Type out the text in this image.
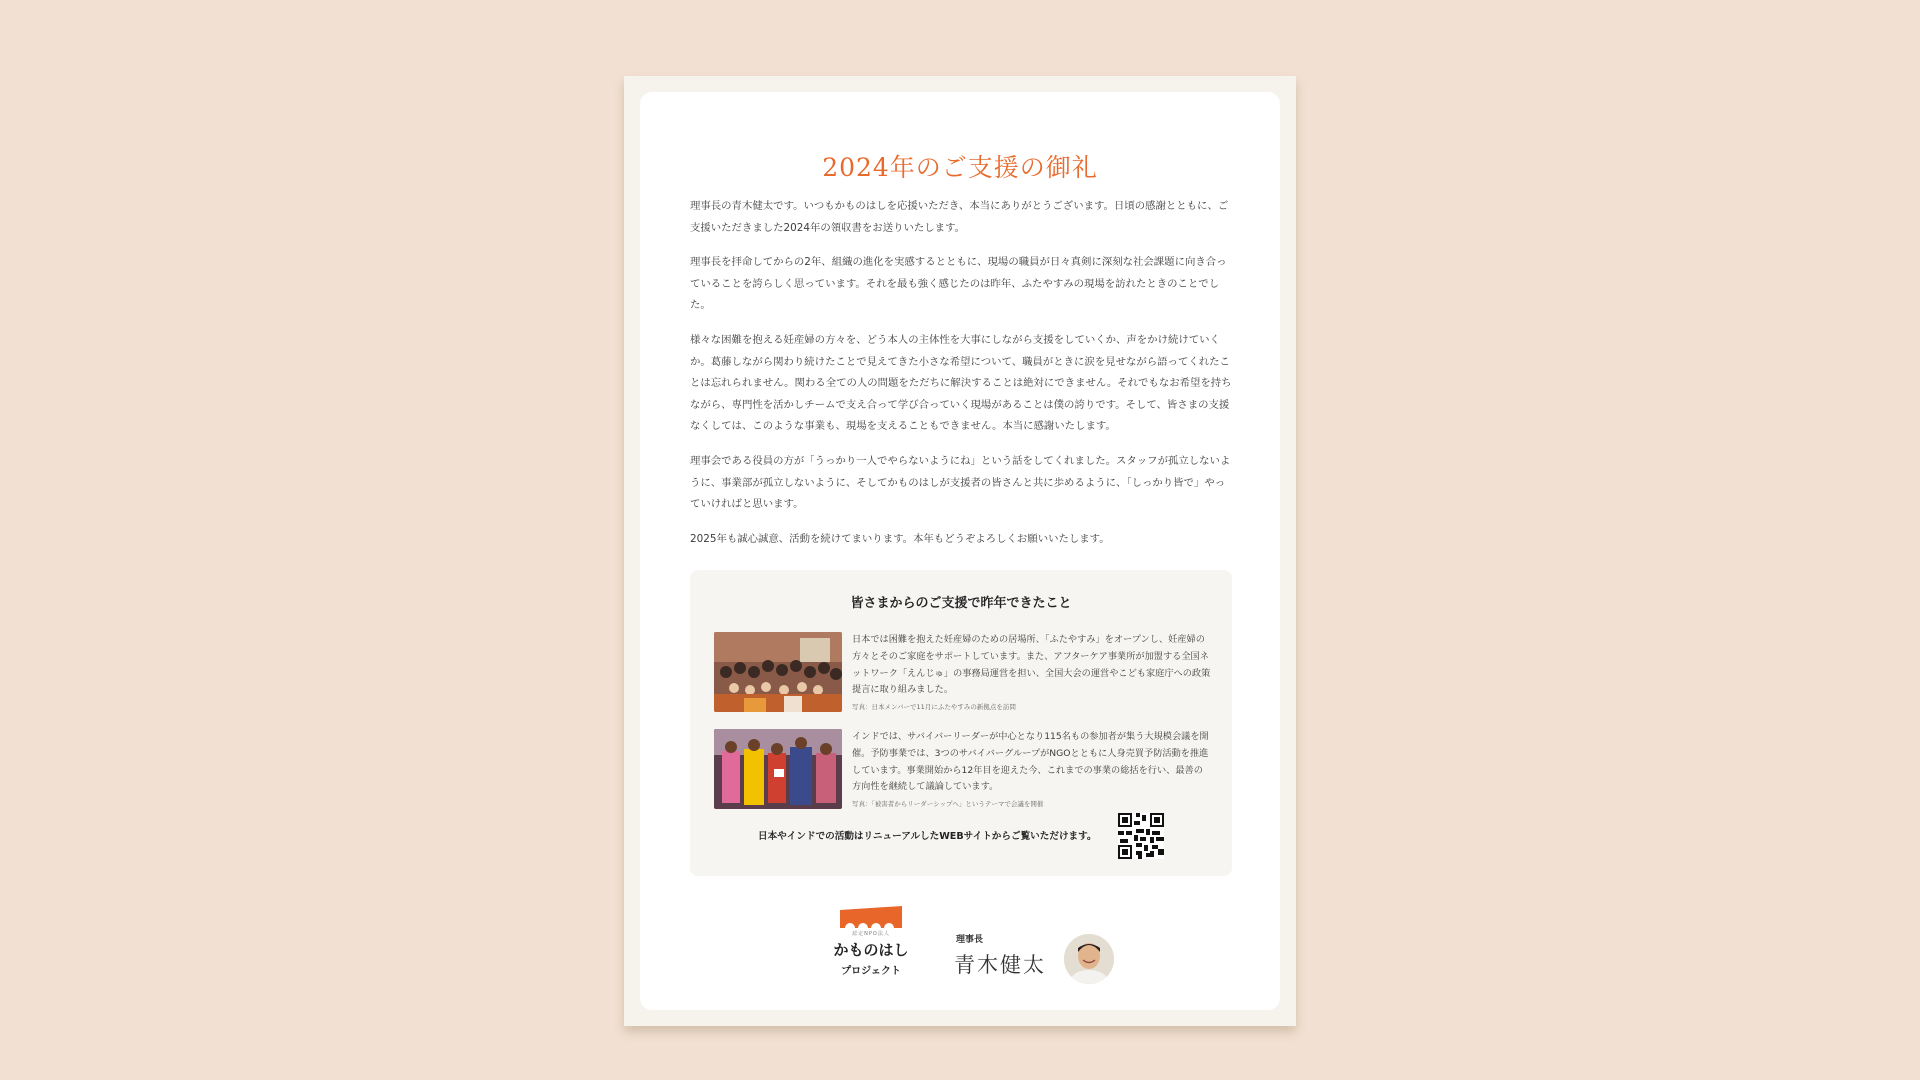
2024年のご支援の御礼

理事長の青木健太です。いつもかものはしを応援いただき、本当にありがとうございます。日頃の感謝とともに、ご支援いただきました2024年の領収書をお送りいたします。

理事長を拝命してからの2年、組織の進化を実感するとともに、現場の職員が日々真剣に深刻な社会課題に向き合っていることを誇らしく思っています。それを最も強く感じたのは昨年、ふたやすみの現場を訪れたときのことでした。

様々な困難を抱える妊産婦の方々を、どう本人の主体性を大事にしながら支援をしていくか、声をかけ続けていくか。葛藤しながら関わり続けたことで見えてきた小さな希望について、職員がときに涙を見せながら語ってくれたことは忘れられません。関わる全ての人の問題をただちに解決することは絶対にできません。それでもなお希望を持ちながら、専門性を活かしチームで支え合って学び合っていく現場があることは僕の誇りです。そして、皆さまの支援なくしては、このような事業も、現場を支えることもできません。本当に感謝いたします。

理事会である役員の方が「うっかり一人でやらないようにね」という話をしてくれました。スタッフが孤立しないように、事業部が孤立しないように、そしてかものはしが支援者の皆さんと共に歩めるように、「しっかり皆で」やっていければと思います。

2025年も誠心誠意、活動を続けてまいります。本年もどうぞよろしくお願いいたします。

皆さまからのご支援で昨年できたこと
日本では困難を抱えた妊産婦のための居場所、「ふたやすみ」をオープンし、妊産婦の方々とそのご家庭をサポートしています。また、アフターケア事業所が加盟する全国ネットワーク「えんじゅ」の事務局運営を担い、全国大会の運営やこども家庭庁への政策提言に取り組みました。
写真：日本メンバーで11月にふたやすみの新拠点を訪問
インドでは、サバイバーリーダーが中心となり115名もの参加者が集う大規模会議を開催。予防事業では、3つのサバイバーグループがNGOとともに人身売買予防活動を推進しています。事業開始から12年目を迎えた今、これまでの事業の総括を行い、最善の方向性を継続して議論しています。
写真：「被害者からリーダーシップへ」というテーマで会議を開催
日本やインドでの活動はリニューアルしたWEBサイトからご覧いただけます。
認定NPO法人
かものはし
プロジェクト
理事長
青木健太
